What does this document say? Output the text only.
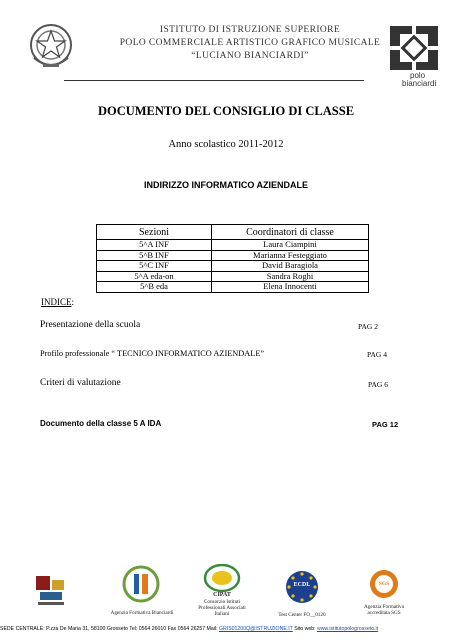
ISTITUTO DI ISTRUZIONE SUPERIORE
POLO COMMERCIALE ARTISTICO GRAFICO MUSICALE
“LUCIANO BIANCIARDI”
polo
bianciardi
DOCUMENTO DEL CONSIGLIO DI CLASSE
Anno scolastico 2011-2012
INDIRIZZO INFORMATICO AZIENDALE
Sezioni	Coordinatori di classe
5^A INF	Laura Ciampini
5^B INF	Marianna Festeggiato
5^C INF	David Baragiola
5^A eda-on	Sandra Roghi
5^B eda	Elena Innocenti
INDICE:
Presentazione della scuola	PAG 2
Profilo professionale “ TECNICO INFORMATICO AZIENDALE”	PAG 4
Criteri di valutazione	PAG 6
Documento della classe 5 A IDA	PAG 12
Agenzia Formativa Bianciardi
CIPAT
Consorzio Istituti Professionali Associati Italiani
ECDL
Test Center FO__0120
SGS
Agenzia Formativa accreditata SGS
SEDE CENTRALE: P.zza De Maria 31, 58100 Grosseto Tel: 0564 26010 Fax 0564 26257 Mail: GRIS01200Q@ISTRUZIONE.IT Sito web: www.istitutopologrosseto.it
